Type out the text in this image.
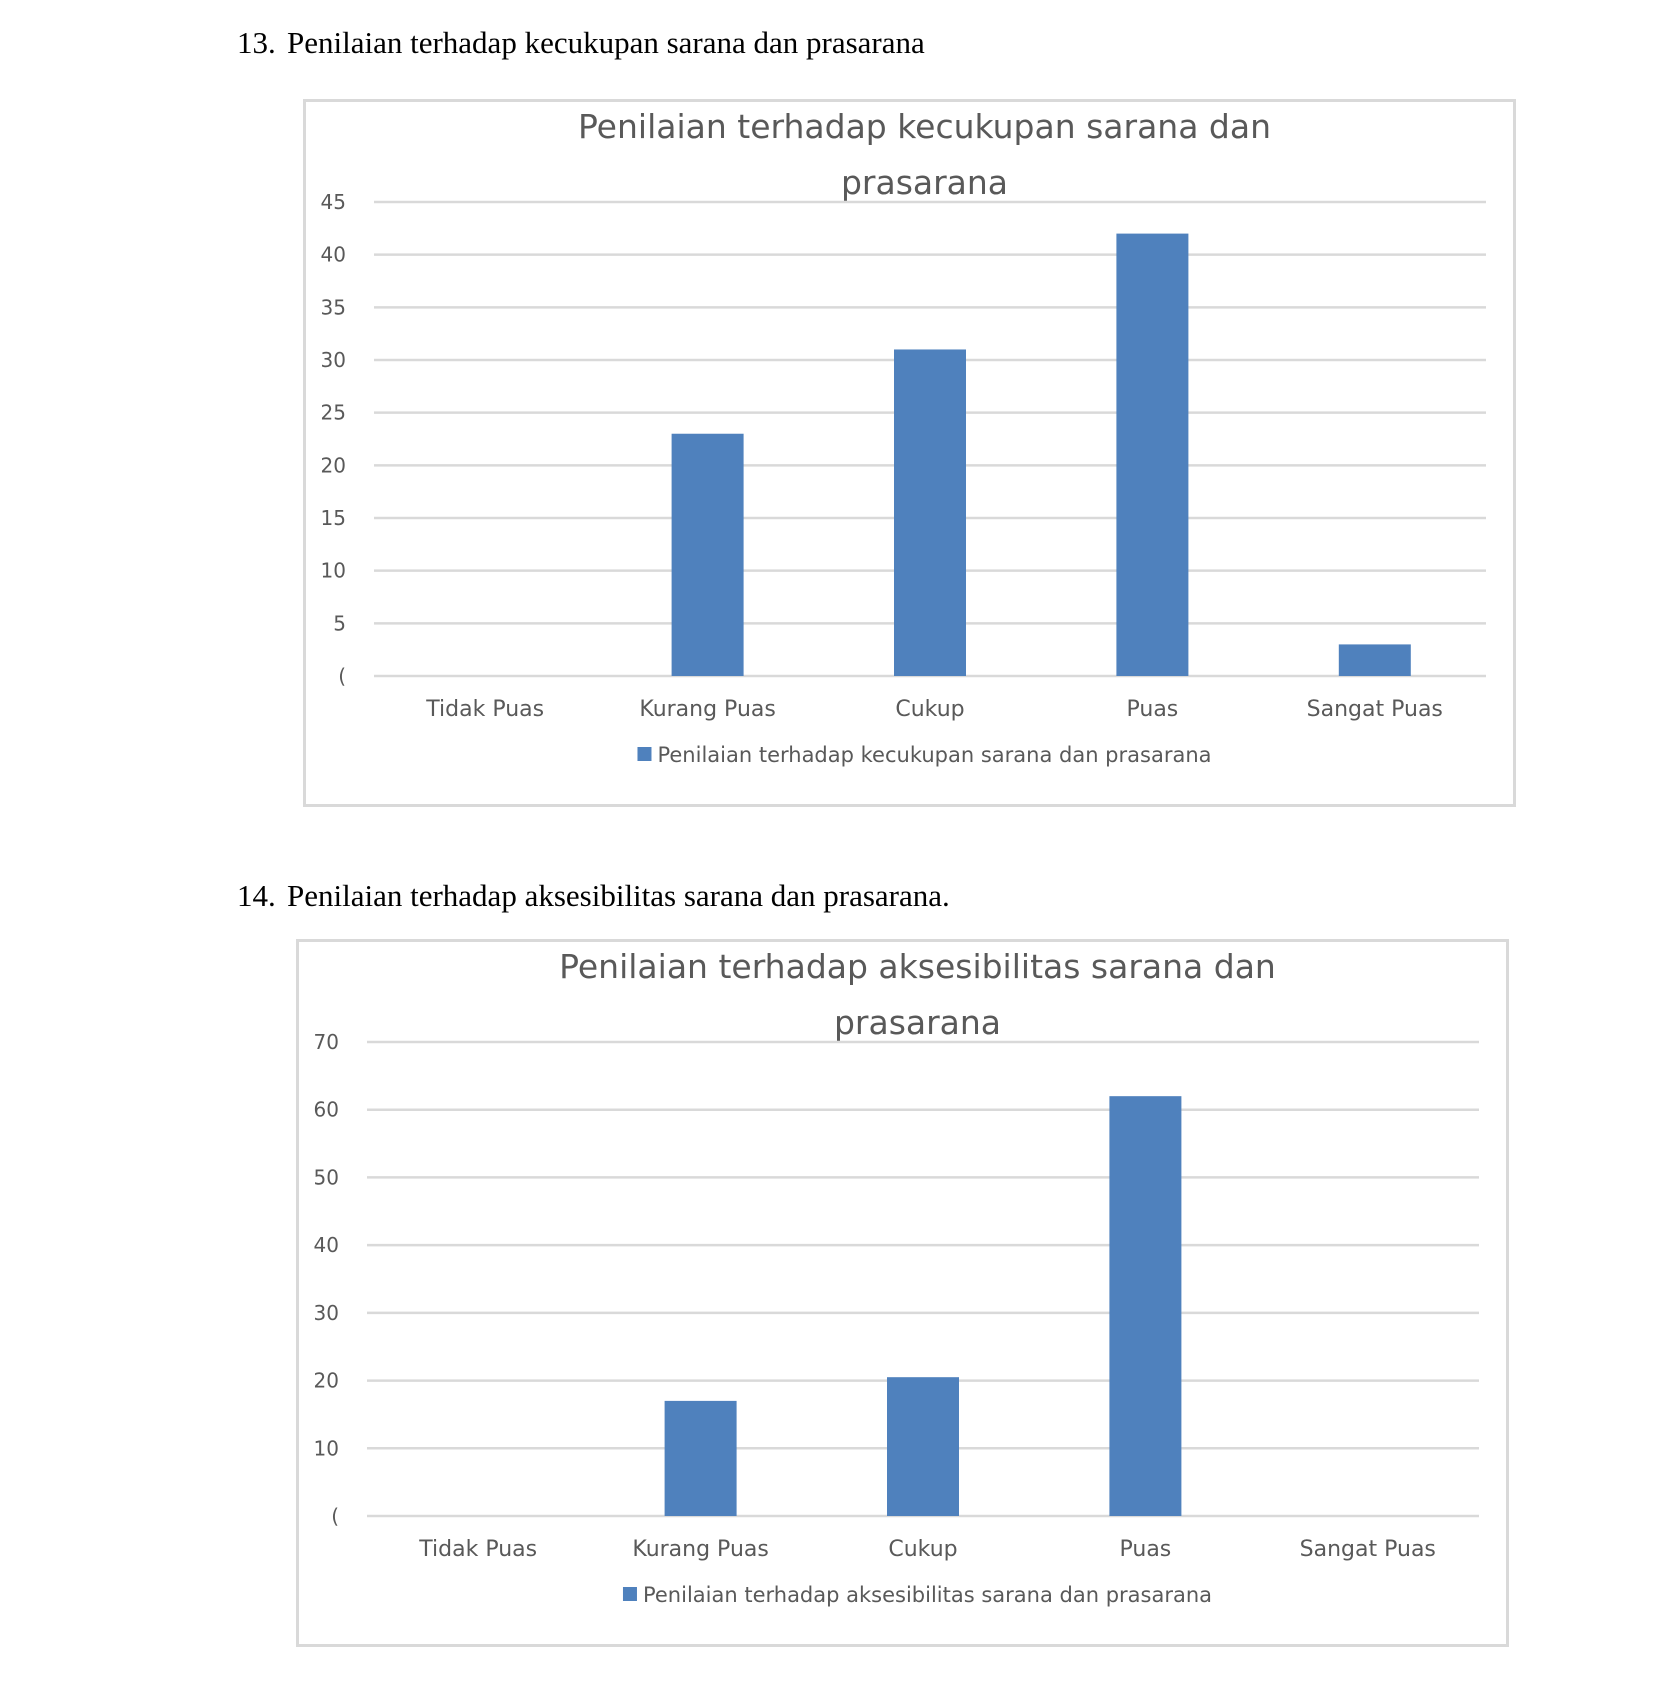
13. Penilaian terhadap kecukupan sarana dan prasarana
Penilaian terhadap kecukupan sarana dan
prasarana
(
5
10
15
20
25
30
35
40
45
Tidak Puas	Kurang Puas	Cukup	Puas	Sangat Puas
Penilaian terhadap kecukupan sarana dan prasarana
14. Penilaian terhadap aksesibilitas sarana dan prasarana.
Penilaian terhadap aksesibilitas sarana dan
prasarana
(
10
20
30
40
50
60
70
Tidak Puas	Kurang Puas	Cukup	Puas	Sangat Puas
Penilaian terhadap aksesibilitas sarana dan prasarana
